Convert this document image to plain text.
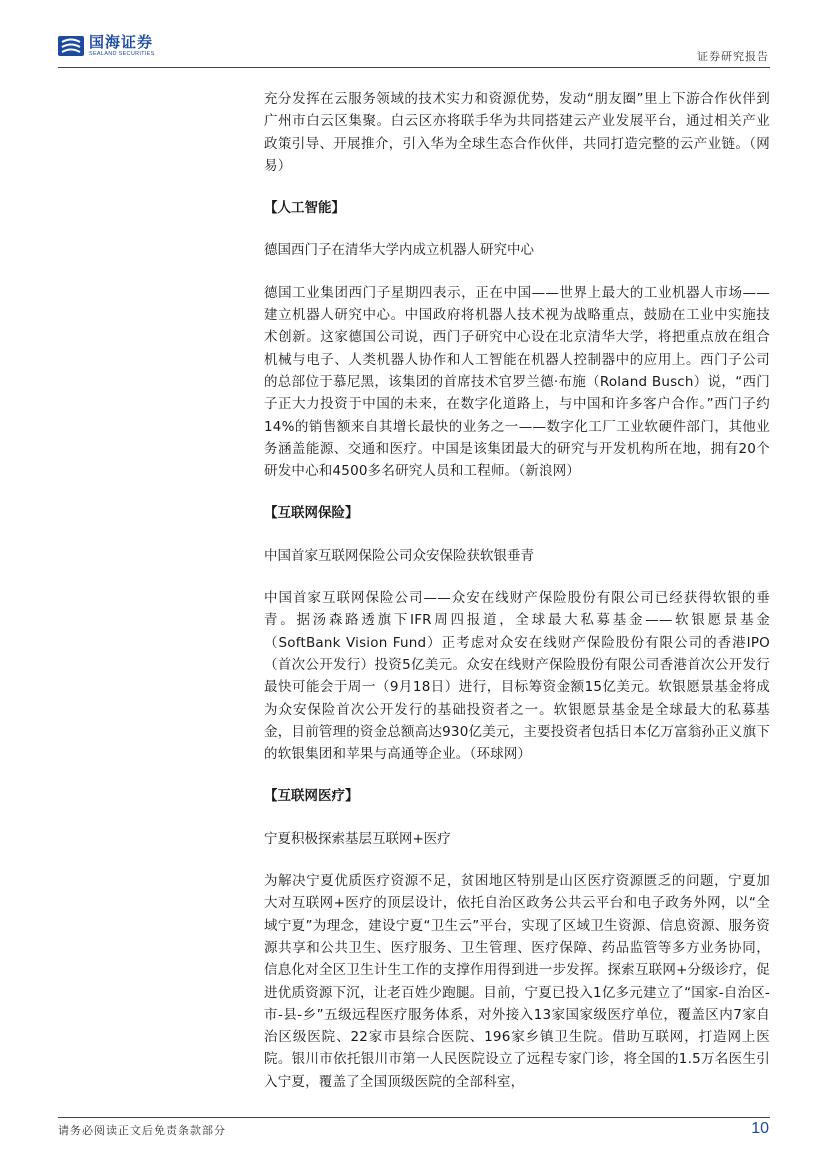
国海证券
SEALAND SECURITIES	证券研究报告

充分发挥在云服务领域的技术实力和资源优势，发动“朋友圈”里上下游合作伙伴到广州市白云区集聚。白云区亦将联手华为共同搭建云产业发展平台，通过相关产业政策引导、开展推介，引入华为全球生态合作伙伴，共同打造完整的云产业链。（网易）

【人工智能】

德国西门子在清华大学内成立机器人研究中心

德国工业集团西门子星期四表示，正在中国——世界上最大的工业机器人市场——建立机器人研究中心。中国政府将机器人技术视为战略重点，鼓励在工业中实施技术创新。这家德国公司说，西门子研究中心设在北京清华大学，将把重点放在组合机械与电子、人类机器人协作和人工智能在机器人控制器中的应用上。西门子公司的总部位于慕尼黑，该集团的首席技术官罗兰德·布施（Roland Busch）说，“西门子正大力投资于中国的未来，在数字化道路上，与中国和许多客户合作。”西门子约14%的销售额来自其增长最快的业务之一——数字化工厂工业软硬件部门，其他业务涵盖能源、交通和医疗。中国是该集团最大的研究与开发机构所在地，拥有20个研发中心和4500多名研究人员和工程师。（新浪网）

【互联网保险】

中国首家互联网保险公司众安保险获软银垂青

中国首家互联网保险公司——众安在线财产保险股份有限公司已经获得软银的垂青。据汤森路透旗下IFR周四报道，全球最大私募基金——软银愿景基金（SoftBank Vision Fund）正考虑对众安在线财产保险股份有限公司的香港IPO（首次公开发行）投资5亿美元。众安在线财产保险股份有限公司香港首次公开发行最快可能会于周一（9月18日）进行，目标筹资金额15亿美元。软银愿景基金将成为众安保险首次公开发行的基础投资者之一。软银愿景基金是全球最大的私募基金，目前管理的资金总额高达930亿美元，主要投资者包括日本亿万富翁孙正义旗下的软银集团和苹果与高通等企业。（环球网）

【互联网医疗】

宁夏积极探索基层互联网+医疗

为解决宁夏优质医疗资源不足，贫困地区特别是山区医疗资源匮乏的问题，宁夏加大对互联网+医疗的顶层设计，依托自治区政务公共云平台和电子政务外网，以“全域宁夏”为理念，建设宁夏“卫生云”平台，实现了区域卫生资源、信息资源、服务资源共享和公共卫生、医疗服务、卫生管理、医疗保障、药品监管等多方业务协同，信息化对全区卫生计生工作的支撑作用得到进一步发挥。探索互联网+分级诊疗，促进优质资源下沉，让老百姓少跑腿。目前，宁夏已投入1亿多元建立了“国家-自治区-市-县-乡”五级远程医疗服务体系，对外接入13家国家级医疗单位，覆盖区内7家自治区级医院、22家市县综合医院、196家乡镇卫生院。借助互联网，打造网上医院。银川市依托银川市第一人民医院设立了远程专家门诊，将全国的1.5万名医生引入宁夏，覆盖了全国顶级医院的全部科室，

请务必阅读正文后免责条款部分	10
